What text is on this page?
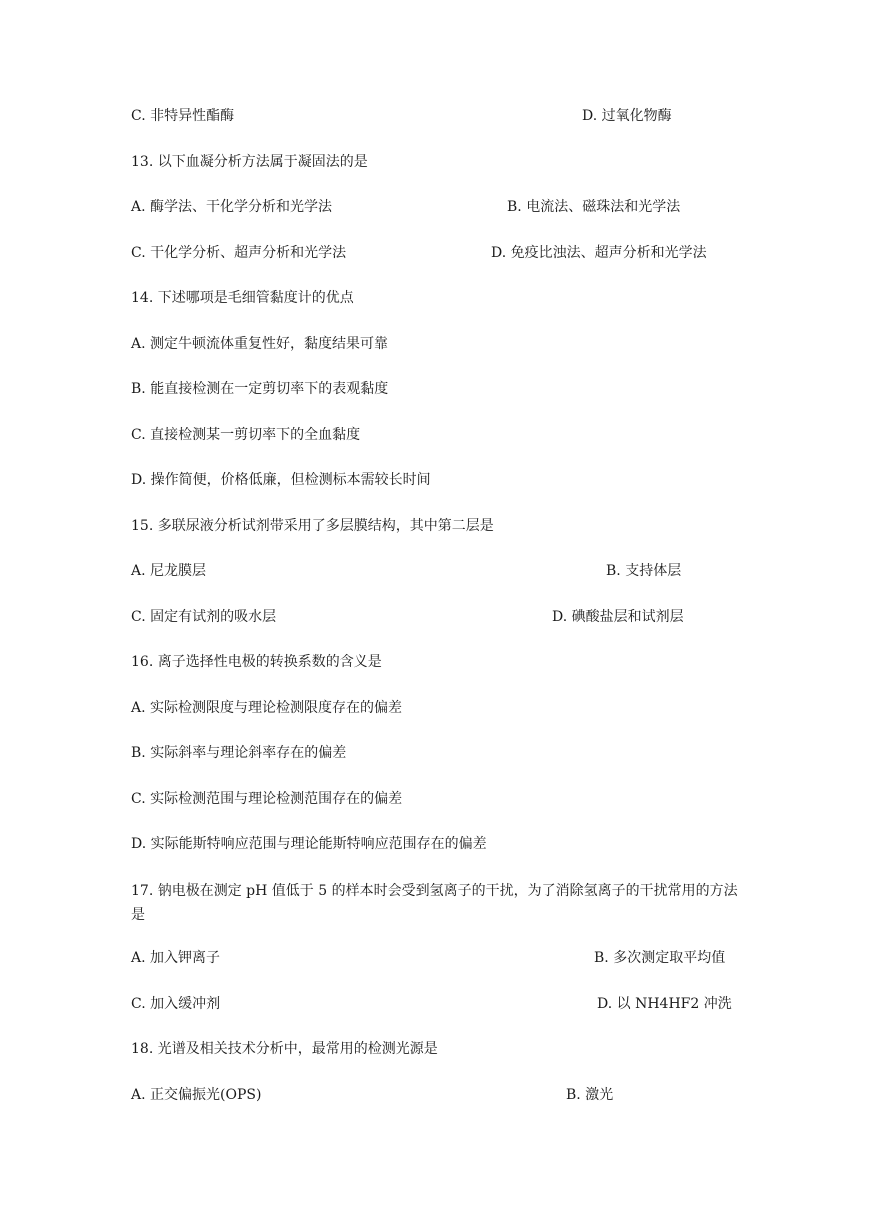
C. 非特异性酯酶	D. 过氧化物酶
13. 以下血凝分析方法属于凝固法的是
A. 酶学法、干化学分析和光学法	B. 电流法、磁珠法和光学法
C. 干化学分析、超声分析和光学法	D. 免疫比浊法、超声分析和光学法
14. 下述哪项是毛细管黏度计的优点
A. 测定牛顿流体重复性好，黏度结果可靠
B. 能直接检测在一定剪切率下的表观黏度
C. 直接检测某一剪切率下的全血黏度
D. 操作简便，价格低廉，但检测标本需较长时间
15. 多联尿液分析试剂带采用了多层膜结构，其中第二层是
A. 尼龙膜层	B. 支持体层
C. 固定有试剂的吸水层	D. 碘酸盐层和试剂层
16. 离子选择性电极的转换系数的含义是
A. 实际检测限度与理论检测限度存在的偏差
B. 实际斜率与理论斜率存在的偏差
C. 实际检测范围与理论检测范围存在的偏差
D. 实际能斯特响应范围与理论能斯特响应范围存在的偏差
17. 钠电极在测定 pH 值低于 5 的样本时会受到氢离子的干扰，为了消除氢离子的干扰常用的方法是
A. 加入钾离子	B. 多次测定取平均值
C. 加入缓冲剂	D. 以 NH4HF2 冲洗
18. 光谱及相关技术分析中，最常用的检测光源是
A. 正交偏振光(OPS)	B. 激光
